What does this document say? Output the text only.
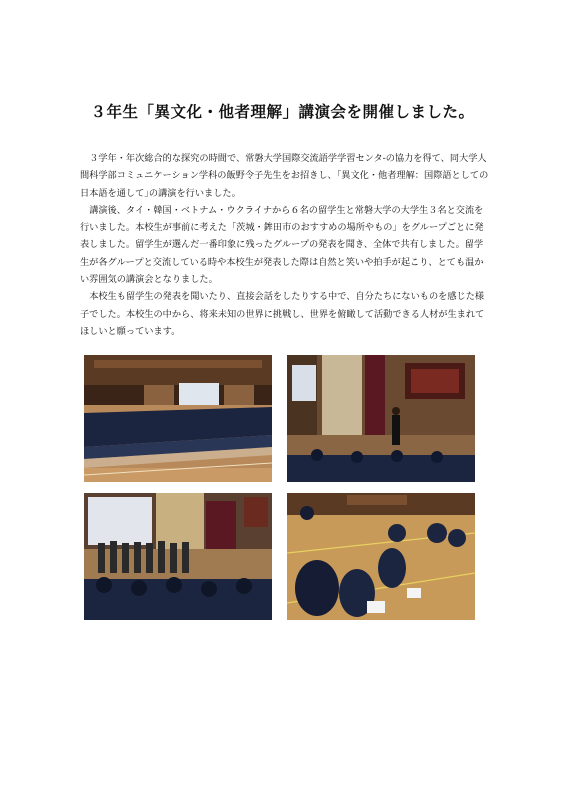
３年生「異文化・他者理解」講演会を開催しました。

３学年・年次総合的な探究の時間で、常磐大学国際交流語学学習センタ-の協力を得て、同大学人間科学部コミュニケーション学科の飯野令子先生をお招きし、｢異文化・他者理解：国際語としての日本語を通して｣の講演を行いました。

講演後、タイ・韓国・ベトナム・ウクライナから６名の留学生と常磐大学の大学生３名と交流を行いました。本校生が事前に考えた「茨城・鉾田市のおすすめの場所やもの」をグループごとに発表しました。留学生が選んだ一番印象に残ったグループの発表を聞き、全体で共有しました。留学生が各グループと交流している時や本校生が発表した際は自然と笑いや拍手が起こり、とても温かい雰囲気の講演会となりました。

本校生も留学生の発表を聞いたり、直接会話をしたりする中で、自分たちにないものを感じた様子でした。本校生の中から、将来未知の世界に挑戦し、世界を俯瞰して活動できる人材が生まれてほしいと願っています。
